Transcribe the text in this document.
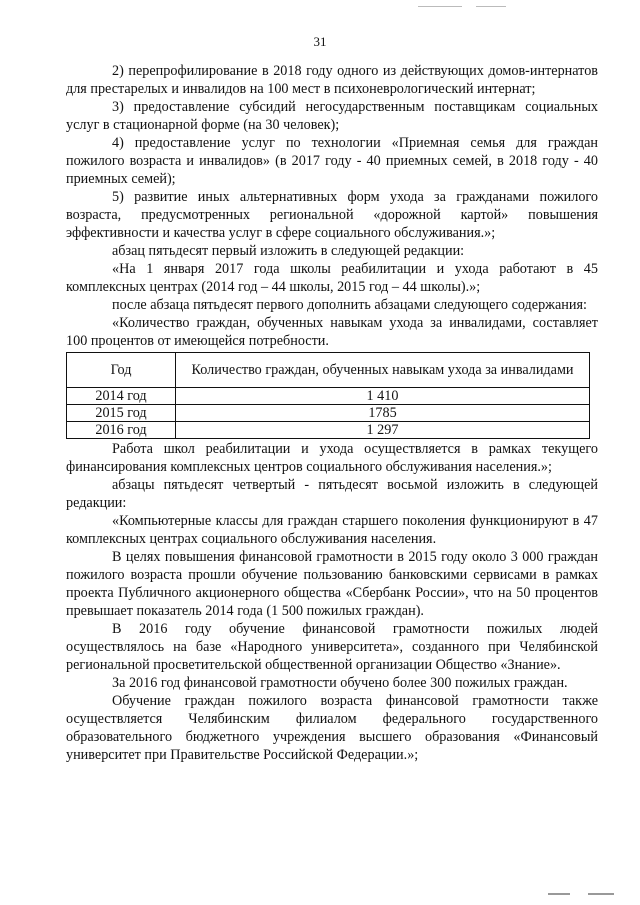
31

2) перепрофилирование в 2018 году одного из действующих домов-интернатов для престарелых и инвалидов на 100 мест в психоневрологический интернат;

3) предоставление субсидий негосударственным поставщикам социальных услуг в стационарной форме (на 30 человек);

4) предоставление услуг по технологии «Приемная семья для граждан пожилого возраста и инвалидов» (в 2017 году - 40 приемных семей, в 2018 году - 40 приемных семей);

5) развитие иных альтернативных форм ухода за гражданами пожилого возраста, предусмотренных региональной «дорожной картой» повышения эффективности и качества услуг в сфере социального обслуживания.»;

абзац пятьдесят первый изложить в следующей редакции:

«На 1 января 2017 года школы реабилитации и ухода работают в 45 комплексных центрах (2014 год – 44 школы, 2015 год – 44 школы).»;

после абзаца пятьдесят первого дополнить абзацами следующего содержания:

«Количество граждан, обученных навыкам ухода за инвалидами, составляет 100 процентов от имеющейся потребности.

Год	Количество граждан, обученных навыкам ухода за инвалидами
2014 год	1 410
2015 год	1785
2016 год	1 297

Работа школ реабилитации и ухода осуществляется в рамках текущего финансирования комплексных центров социального обслуживания населения.»;

абзацы пятьдесят четвертый - пятьдесят восьмой изложить в следующей редакции:

«Компьютерные классы для граждан старшего поколения функционируют в 47 комплексных центрах социального обслуживания населения.

В целях повышения финансовой грамотности в 2015 году около 3 000 граждан пожилого возраста прошли обучение пользованию банковскими сервисами в рамках проекта Публичного акционерного общества «Сбербанк России», что на 50 процентов превышает показатель 2014 года (1 500 пожилых граждан).

В 2016 году обучение финансовой грамотности пожилых людей осуществлялось на базе «Народного университета», созданного при Челябинской региональной просветительской общественной организации Общество «Знание».

За 2016 год финансовой грамотности обучено более 300 пожилых граждан.

Обучение граждан пожилого возраста финансовой грамотности также осуществляется Челябинским филиалом федерального государственного образовательного бюджетного учреждения высшего образования «Финансовый университет при Правительстве Российской Федерации.»;
